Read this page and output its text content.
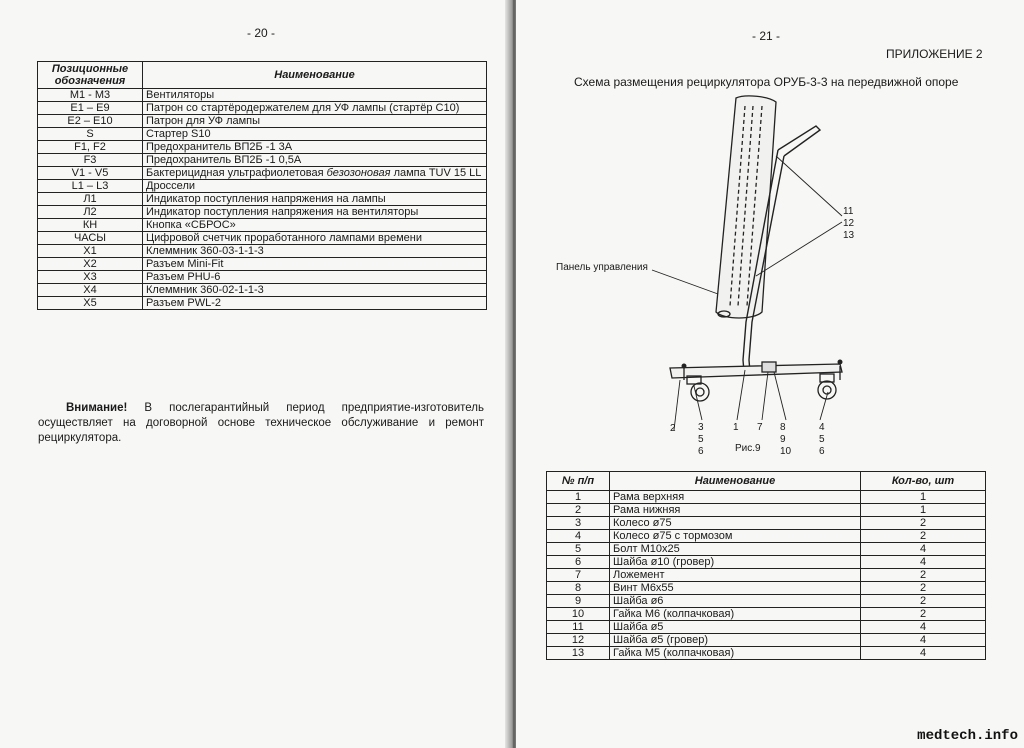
- 20 -
Позиционные обозначения	Наименование
М1 - М3	Вентиляторы
Е1 – Е9	Патрон со стартёродержателем для УФ лампы (стартёр С10)
Е2 – Е10	Патрон для УФ лампы
S	Стартер S10
F1, F2	Предохранитель ВП2Б -1 3А
F3	Предохранитель ВП2Б -1 0,5А
V1 - V5	Бактерицидная ультрафиолетовая безозоновая лампа TUV 15 LL
L1 – L3	Дроссели
Л1	Индикатор поступления напряжения на лампы
Л2	Индикатор поступления напряжения на вентиляторы
КН	Кнопка «СБРОС»
ЧАСЫ	Цифровой счетчик проработанного лампами времени
Х1	Клеммник 360-03-1-1-3
Х2	Разъем Mini-Fit
Х3	Разъем PHU-6
Х4	Клеммник 360-02-1-1-3
Х5	Разъем PWL-2
Внимание! В послегарантийный период предприятие-изготовитель осуществляет на договорной основе техническое обслуживание и ремонт рециркулятора.
- 21 -
ПРИЛОЖЕНИЕ 2
Схема размещения рециркулятора ОРУБ-3-3 на передвижной опоре
Панель управления
11
12
13
2 3
5
6
1 7 8
9
10
4
5
6
Рис.9
№ п/п	Наименование	Кол-во, шт
1	Рама верхняя	1
2	Рама нижняя	1
3	Колесо ø75	2
4	Колесо ø75 с тормозом	2
5	Болт М10х25	4
6	Шайба ø10 (гровер)	4
7	Ложемент	2
8	Винт М6х55	2
9	Шайба ø6	2
10	Гайка М6 (колпачковая)	2
11	Шайба ø5	4
12	Шайба ø5 (гровер)	4
13	Гайка М5 (колпачковая)	4
medtech.info
